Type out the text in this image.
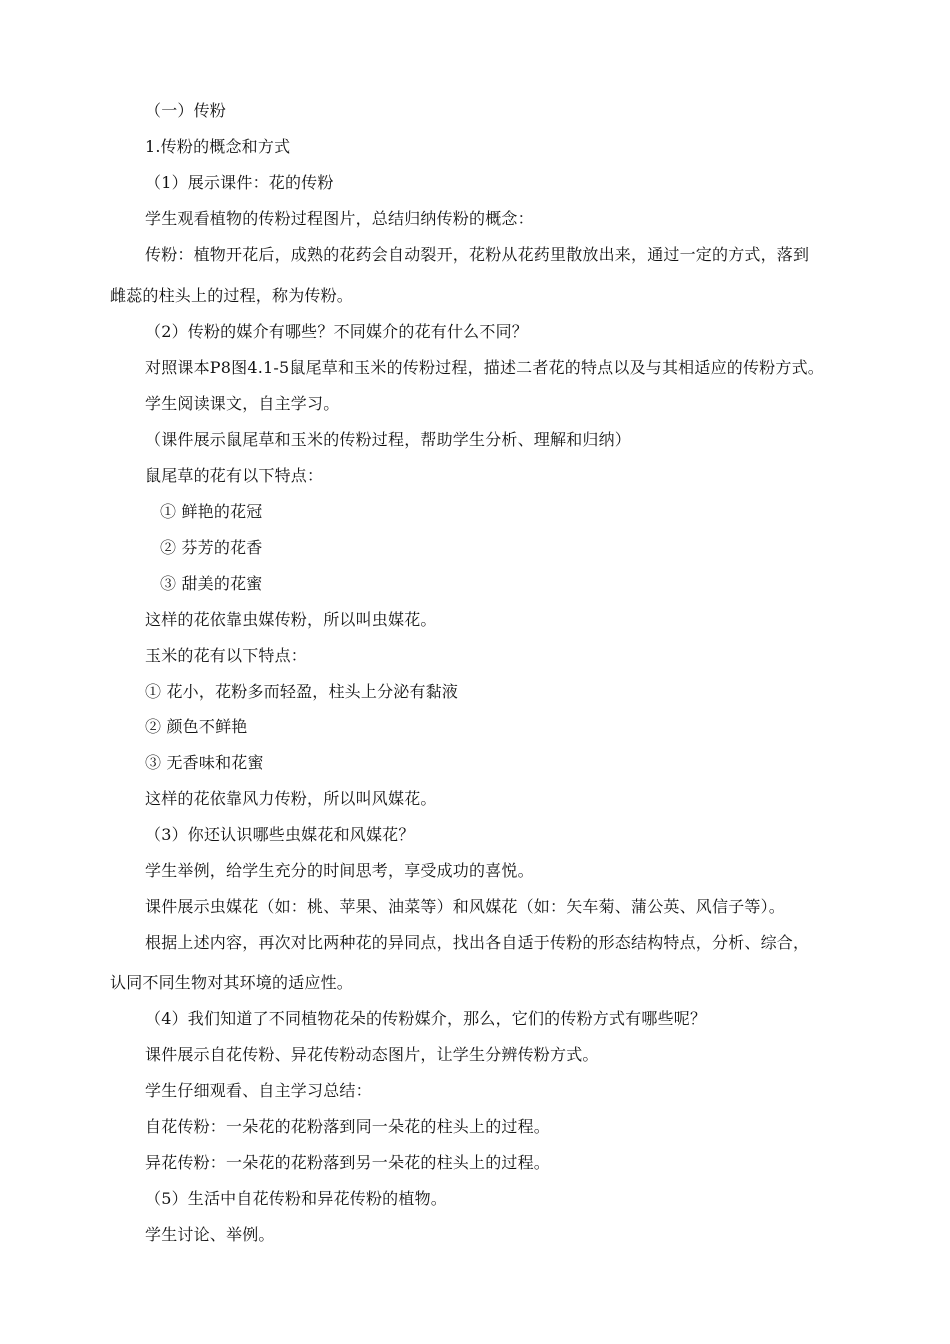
（一）传粉
1.传粉的概念和方式
（1）展示课件：花的传粉
学生观看植物的传粉过程图片，总结归纳传粉的概念：
传粉：植物开花后，成熟的花药会自动裂开，花粉从花药里散放出来，通过一定的方式，落到
雌蕊的柱头上的过程，称为传粉。
（2）传粉的媒介有哪些？不同媒介的花有什么不同？
对照课本P8图4.1-5鼠尾草和玉米的传粉过程，描述二者花的特点以及与其相适应的传粉方式。
学生阅读课文，自主学习。
（课件展示鼠尾草和玉米的传粉过程，帮助学生分析、理解和归纳）
鼠尾草的花有以下特点：
① 鲜艳的花冠
② 芬芳的花香
③ 甜美的花蜜
这样的花依靠虫媒传粉，所以叫虫媒花。
玉米的花有以下特点：
① 花小，花粉多而轻盈，柱头上分泌有黏液
② 颜色不鲜艳
③ 无香味和花蜜
这样的花依靠风力传粉，所以叫风媒花。
（3）你还认识哪些虫媒花和风媒花？
学生举例，给学生充分的时间思考，享受成功的喜悦。
课件展示虫媒花（如：桃、苹果、油菜等）和风媒花（如：矢车菊、蒲公英、风信子等）。
根据上述内容，再次对比两种花的异同点，找出各自适于传粉的形态结构特点，分析、综合，
认同不同生物对其环境的适应性。
（4）我们知道了不同植物花朵的传粉媒介，那么，它们的传粉方式有哪些呢？
课件展示自花传粉、异花传粉动态图片，让学生分辨传粉方式。
学生仔细观看、自主学习总结：
自花传粉：一朵花的花粉落到同一朵花的柱头上的过程。
异花传粉：一朵花的花粉落到另一朵花的柱头上的过程。
（5）生活中自花传粉和异花传粉的植物。
学生讨论、举例。
